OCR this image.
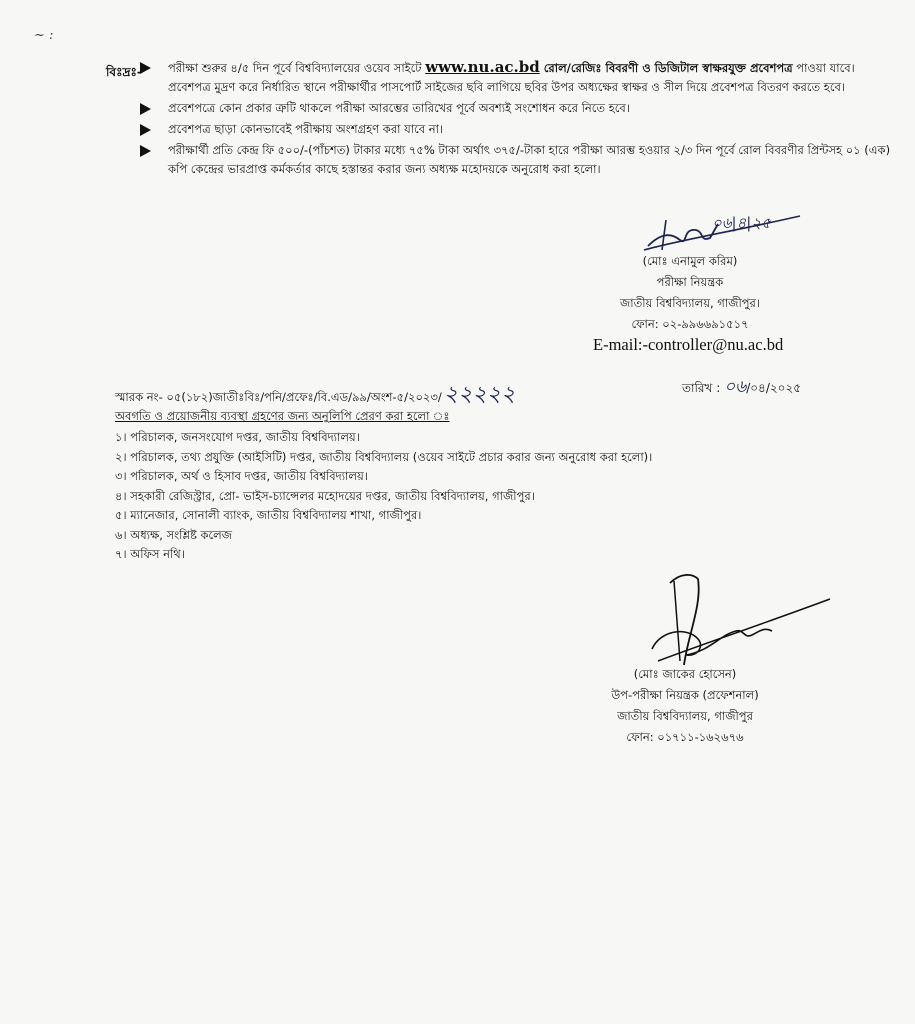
~ :
বিঃদ্রঃ-	পরীক্ষা শুরুর ৪/৫ দিন পূর্বে বিশ্ববিদ্যালয়ের ওয়েব সাইটে www.nu.ac.bd রোল/রেজিঃ বিবরণী ও ডিজিটাল স্বাক্ষরযুক্ত প্রবেশপত্র পাওয়া যাবে। প্রবেশপত্র মুদ্রণ করে নির্ধারিত স্থানে পরীক্ষার্থীর পাসপোর্ট সাইজের ছবি লাগিয়ে ছবির উপর অধ্যক্ষের স্বাক্ষর ও সীল দিয়ে প্রবেশপত্র বিতরণ করতে হবে।
প্রবেশপত্রে কোন প্রকার ত্রুটি থাকলে পরীক্ষা আরম্ভের তারিখের পূর্বে অবশ্যই সংশোধন করে নিতে হবে।
প্রবেশপত্র ছাড়া কোনভাবেই পরীক্ষায় অংশগ্রহণ করা যাবে না।
পরীক্ষার্থী প্রতি কেন্দ্র ফি ৫০০/-(পাঁচশত) টাকার মধ্যে ৭৫% টাকা অর্থাৎ ৩৭৫/-টাকা হারে পরীক্ষা আরম্ভ হওয়ার ২/৩ দিন পূর্বে রোল বিবরণীর প্রিন্টসহ ০১ (এক) কপি কেন্দ্রের ভারপ্রাপ্ত কর্মকর্তার কাছে হস্তান্তর করার জন্য অধ্যক্ষ মহোদয়কে অনুরোধ করা হলো।
০৬|৪|২৫
(মোঃ এনামুল করিম)
পরীক্ষা নিয়ন্ত্রক
জাতীয় বিশ্ববিদ্যালয়, গাজীপুর।
ফোন: ০২-৯৯৬৬৯১৫১৭
E-mail:-controller@nu.ac.bd
স্মারক নং- ০৫(১৮২)জাতীঃবিঃ/পনি/প্রফেঃ/বি.এড/৯৯/অংশ-৫/২০২৩/২২২২২	তারিখ : ০৬/০৪/২০২৫
অবগতি ও প্রয়োজনীয় ব্যবস্থা গ্রহণের জন্য অনুলিপি প্রেরণ করা হলো ঃ
১। পরিচালক, জনসংযোগ দপ্তর, জাতীয় বিশ্ববিদ্যালয়।
২। পরিচালক, তথ্য প্রযুক্তি (আইসিটি) দপ্তর, জাতীয় বিশ্ববিদ্যালয় (ওয়েব সাইটে প্রচার করার জন্য অনুরোধ করা হলো)।
৩। পরিচালক, অর্থ ও হিসাব দপ্তর, জাতীয় বিশ্ববিদ্যালয়।
৪। সহকারী রেজিস্ট্রার, প্রো- ভাইস-চ্যান্সেলর মহোদয়ের দপ্তর, জাতীয় বিশ্ববিদ্যালয়, গাজীপুর।
৫। ম্যানেজার, সোনালী ব্যাংক, জাতীয় বিশ্ববিদ্যালয় শাখা, গাজীপুর।
৬। অধ্যক্ষ, সংশ্লিষ্ট কলেজ
৭। অফিস নথি।
(মোঃ জাকের হোসেন)
উপ-পরীক্ষা নিয়ন্ত্রক (প্রফেশনাল)
জাতীয় বিশ্ববিদ্যালয়, গাজীপুর
ফোন: ০১৭১১-১৬২৬৭৬
